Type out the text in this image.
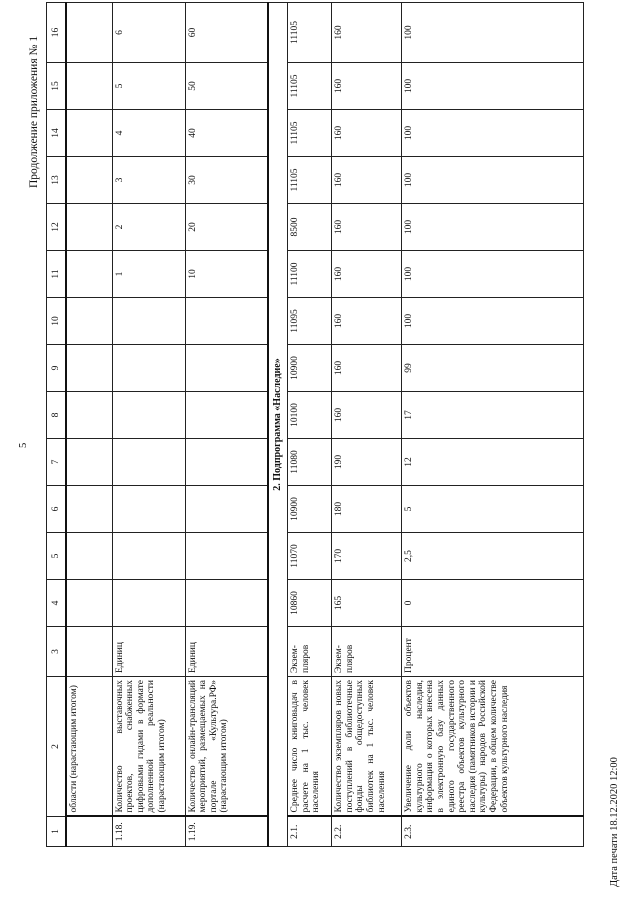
Дата печати 18.12.2020 12:00
5
Продолжение приложения № 1
1	2	3	4	5	6	7	8	9	10	11	12	13	14	15	16
	области (нарастающим итогом)														
1.18.	Количество выставочных проектов, снабженных цифровыми гидами в формате дополненной реальности (нарастающим итогом)	Единиц								1	2	3	4	5	6
1.19.	Количество онлайн-трансляций мероприятий, размещаемых на портале «Культура.РФ» (нарастающим итогом)	Единиц								10	20	30	40	50	60
2. Подпрограмма «Наследие»															
2.1.	Среднее число книговыдач в расчете на 1 тыс. человек населения	Экзем-пляров	10860	11070	10900	11080	10100	10900	11095	11100	8500	11105	11105	11105	11105
2.2.	Количество экземпляров новых поступлений в библиотечные фонды общедоступных библиотек на 1 тыс. человек населения	Экзем-пляров	165	170	180	190	160	160	160	160	160	160	160	160	160
2.3.	Увеличение доли объектов культурного наследия, информация о которых внесена в электронную базу данных единого государственного реестра объектов культурного наследия (памятников истории и культуры) народов Российской Федерации, в общем количестве объектов культурного наследия	Процент	0	2,5	5	12	17	99	100	100	100	100	100	100	100
